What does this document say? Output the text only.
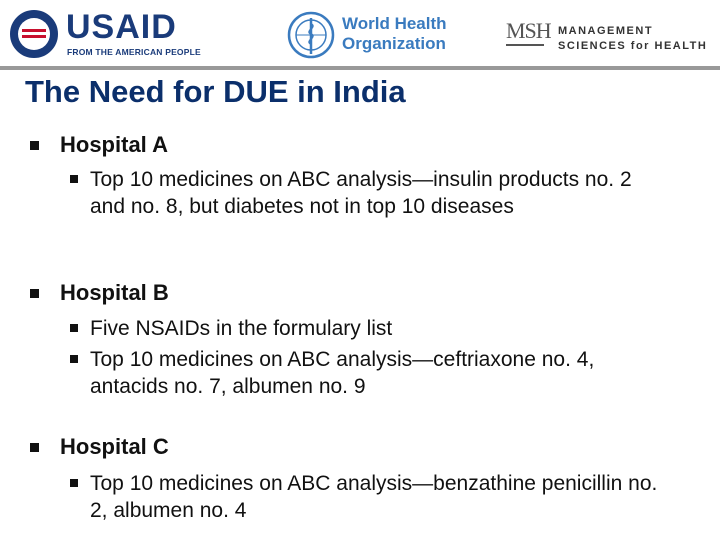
USAID
FROM THE AMERICAN PEOPLE
World Health
Organization
MSH MANAGEMENT
SCIENCES for HEALTH
The Need for DUE in India
Hospital A
Top 10 medicines on ABC analysis—insulin products no. 2 and no. 8, but diabetes not in top 10 diseases
Hospital B
Five NSAIDs in the formulary list
Top 10 medicines on ABC analysis—ceftriaxone no. 4, antacids no. 7, albumen no. 9
Hospital C
Top 10 medicines on ABC analysis—benzathine penicillin no. 2, albumen no. 4
